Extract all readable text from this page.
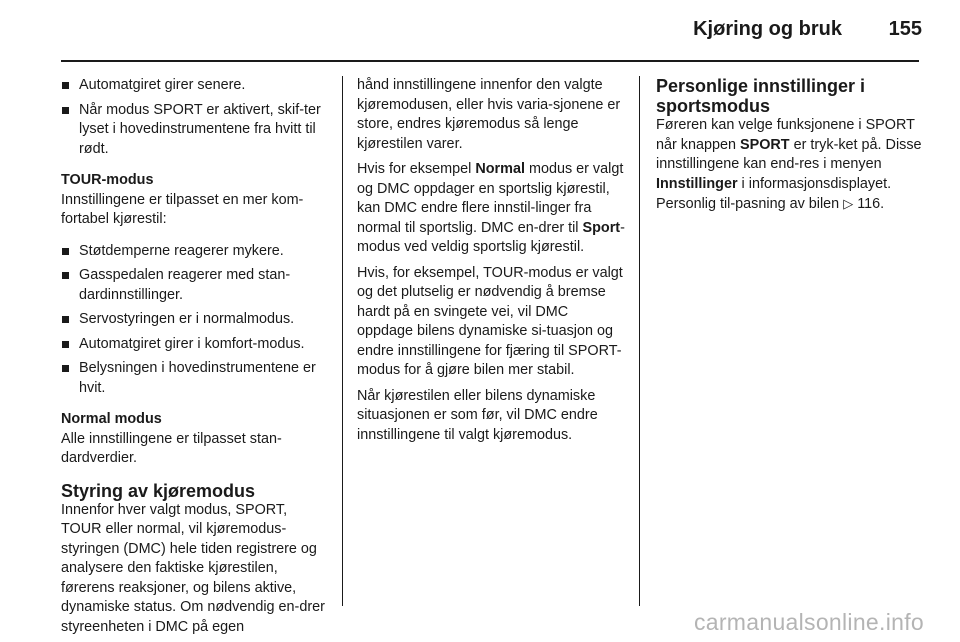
Kjøring og bruk 155
Automatgiret girer senere.
Når modus SPORT er aktivert, skif-ter lyset i hovedinstrumentene fra hvitt til rødt.
TOUR-modus
Innstillingene er tilpasset en mer kom-fortabel kjørestil:
Støtdemperne reagerer mykere.
Gasspedalen reagerer med stan-dardinnstillinger.
Servostyringen er i normalmodus.
Automatgiret girer i komfort-modus.
Belysningen i hovedinstrumentene er hvit.
Normal modus
Alle innstillingene er tilpasset stan-dardverdier.
Styring av kjøremodus
Innenfor hver valgt modus, SPORT, TOUR eller normal, vil kjøremodus-styringen (DMC) hele tiden registrere og analysere den faktiske kjørestilen, førerens reaksjoner, og bilens aktive, dynamiske status. Om nødvendig en-drer styreenheten i DMC på egen

hånd innstillingene innenfor den valgte kjøremodusen, eller hvis varia-sjonene er store, endres kjøremodus så lenge kjørestilen varer.

Hvis for eksempel Normal modus er valgt og DMC oppdager en sportslig kjørestil, kan DMC endre flere innstil-linger fra normal til sportslig. DMC en-drer til Sport-modus ved veldig sportslig kjørestil.

Hvis, for eksempel, TOUR-modus er valgt og det plutselig er nødvendig å bremse hardt på en svingete vei, vil DMC oppdage bilens dynamiske si-tuasjon og endre innstillingene for fjæring til SPORT-modus for å gjøre bilen mer stabil.

Når kjørestilen eller bilens dynamiske situasjonen er som før, vil DMC endre innstillingene til valgt kjøremodus.

Personlige innstillinger i sportsmodus

Føreren kan velge funksjonene i SPORT når knappen SPORT er tryk-ket på. Disse innstillingene kan end-res i menyen Innstillinger i informasjonsdisplayet. Personlig til-pasning av bilen ▷ 116.

carmanualsonline.info
